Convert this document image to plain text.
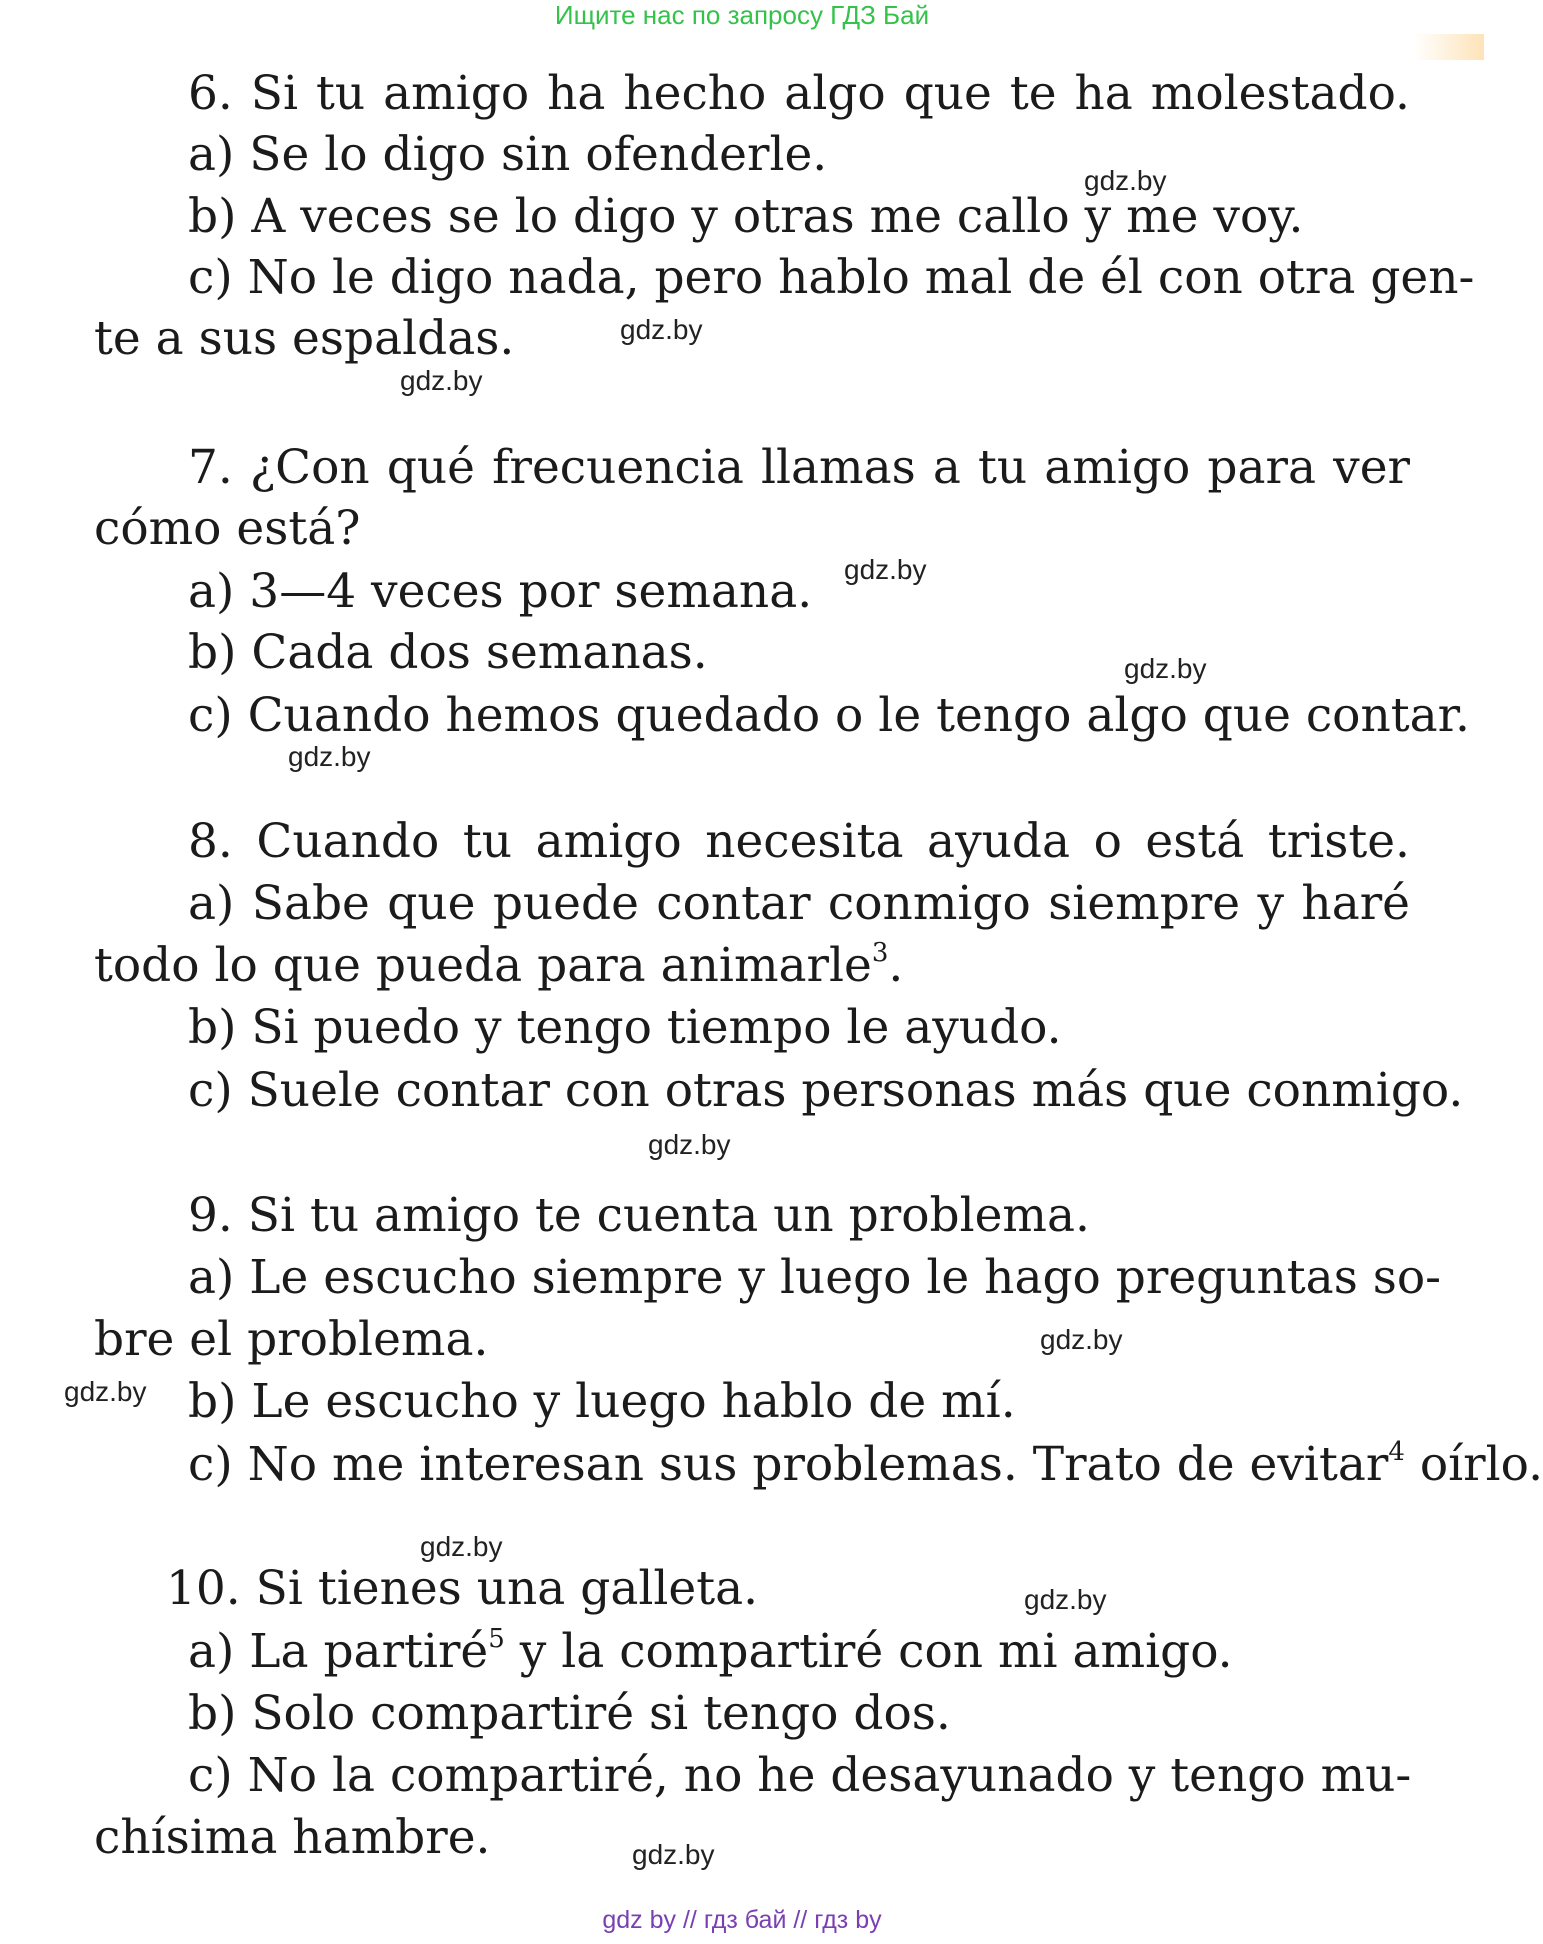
Ищите нас по запросу ГДЗ Бай
6. Si tu amigo ha hecho algo que te ha molestado.
a) Se lo digo sin ofenderle.
b) A veces se lo digo y otras me callo y me voy.
c) No le digo nada, pero hablo mal de él con otra gen-
te a sus espaldas.
7. ¿Con qué frecuencia llamas a tu amigo para ver
cómo está?
a) 3—4 veces por semana.
b) Cada dos semanas.
c) Cuando hemos quedado o le tengo algo que contar.
8. Cuando tu amigo necesita ayuda o está triste.
a) Sabe que puede contar conmigo siempre y haré
todo lo que pueda para animarle$^3$.
b) Si puedo y tengo tiempo le ayudo.
c) Suele contar con otras personas más que conmigo.
9. Si tu amigo te cuenta un problema.
a) Le escucho siempre y luego le hago preguntas so-
bre el problema.
b) Le escucho y luego hablo de mí.
c) No me interesan sus problemas. Trato de evitar$^4$ oírlo.
10. Si tienes una galleta.
a) La partiré$^5$ y la compartiré con mi amigo.
b) Solo compartiré si tengo dos.
c) No la compartiré, no he desayunado y tengo mu-
chísima hambre.
gdz.by
gdz.by
gdz.by
gdz.by
gdz.by
gdz.by
gdz.by
gdz.by
gdz.by
gdz.by
gdz.by
gdz.by
gdz by // гдз бай // гдз by
